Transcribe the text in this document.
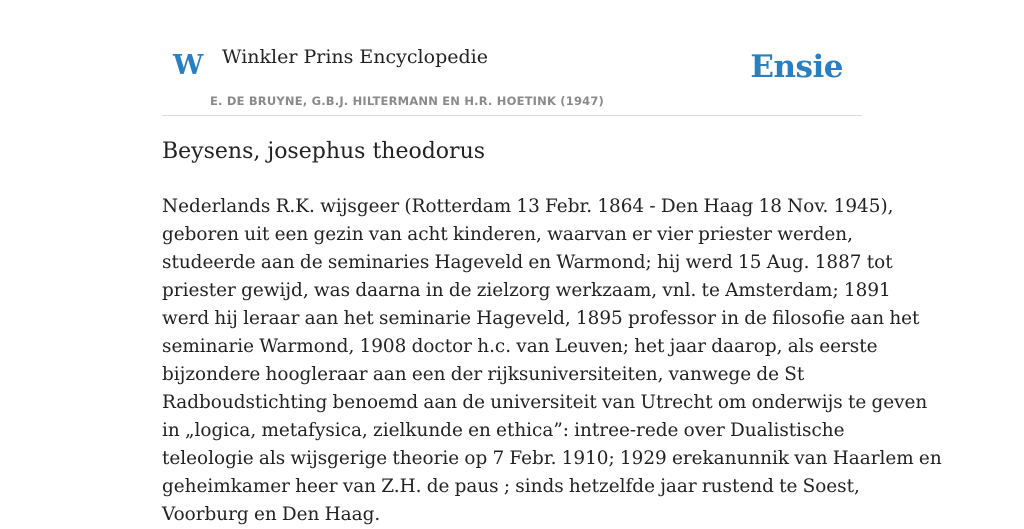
W Winkler Prins Encyclopedie
E. DE BRUYNE, G.B.J. HILTERMANN EN H.R. HOETINK (1947)
Ensie
Beysens, josephus theodorus
Nederlands R.K. wijsgeer (Rotterdam 13 Febr. 1864 - Den Haag 18 Nov. 1945),
geboren uit een gezin van acht kinderen, waarvan er vier priester werden,
studeerde aan de seminaries Hageveld en Warmond; hij werd 15 Aug. 1887 tot
priester gewijd, was daarna in de zielzorg werkzaam, vnl. te Amsterdam; 1891
werd hij leraar aan het seminarie Hageveld, 1895 professor in de filosofie aan het
seminarie Warmond, 1908 doctor h.c. van Leuven; het jaar daarop, als eerste
bijzondere hoogleraar aan een der rijksuniversiteiten, vanwege de St
Radboudstichting benoemd aan de universiteit van Utrecht om onderwijs te geven
in „logica, metafysica, zielkunde en ethica”: intree-rede over Dualistische
teleologie als wijsgerige theorie op 7 Febr. 1910; 1929 erekanunnik van Haarlem en
geheimkamer heer van Z.H. de paus ; sinds hetzelfde jaar rustend te Soest,
Voorburg en Den Haag.
